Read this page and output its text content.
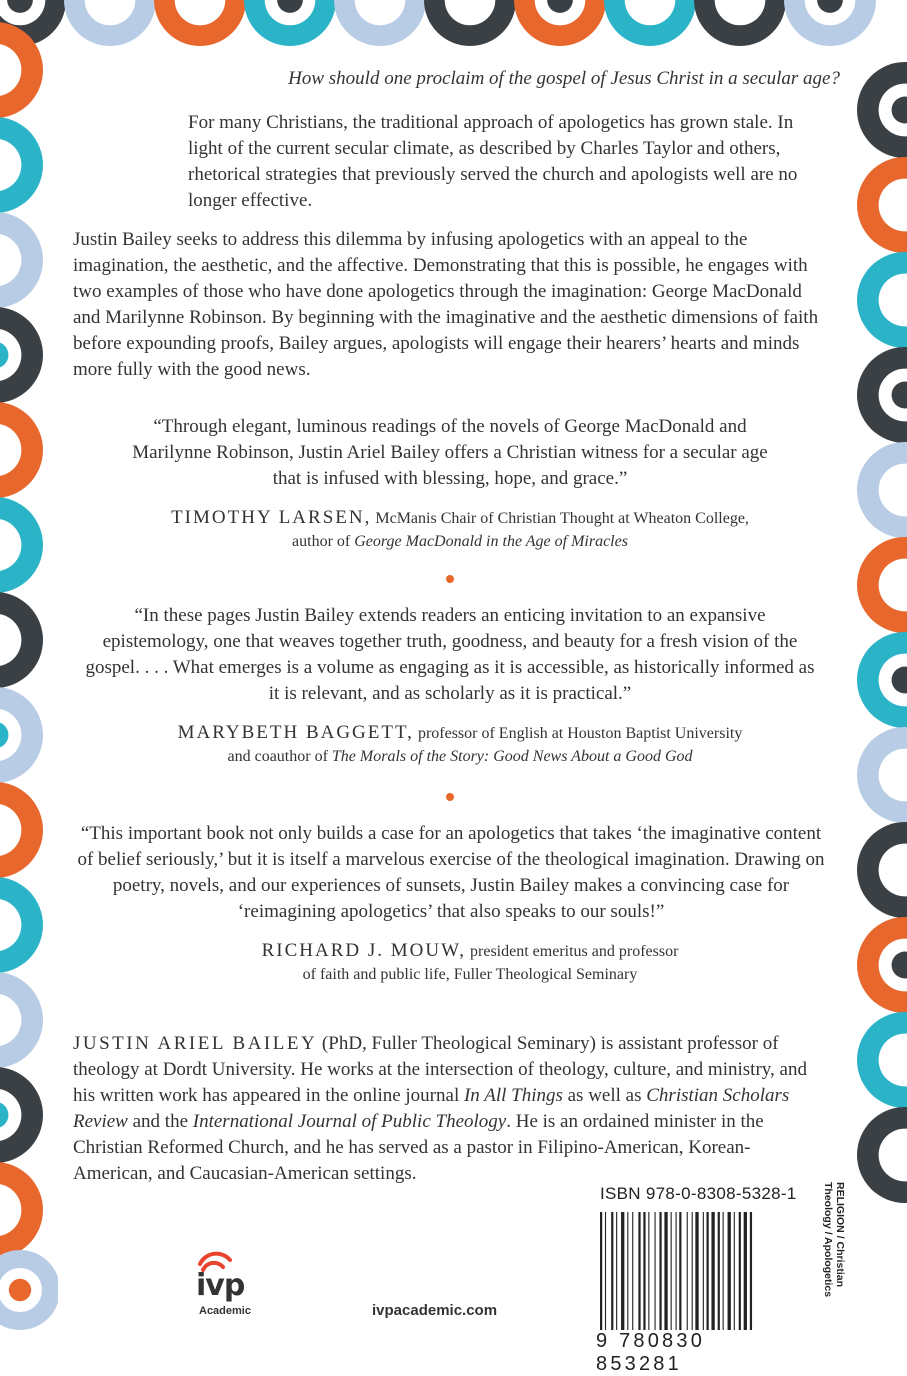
How should one proclaim of the gospel of Jesus Christ in a secular age?
For many Christians, the traditional approach of apologetics has grown stale. In light of the current secular climate, as described by Charles Taylor and others, rhetorical strategies that previously served the church and apologists well are no longer effective.
Justin Bailey seeks to address this dilemma by infusing apologetics with an appeal to the imagination, the aesthetic, and the affective. Demonstrating that this is possible, he engages with two examples of those who have done apologetics through the imagination: George MacDonald and Marilynne Robinson. By beginning with the imaginative and the aesthetic dimensions of faith before expounding proofs, Bailey argues, apologists will engage their hearers’ hearts and minds more fully with the good news.
“Through elegant, luminous readings of the novels of George MacDonald and Marilynne Robinson, Justin Ariel Bailey offers a Christian witness for a secular age that is infused with blessing, hope, and grace.”
TIMOTHY LARSEN, McManis Chair of Christian Thought at Wheaton College,
author of George MacDonald in the Age of Miracles
“In these pages Justin Bailey extends readers an enticing invitation to an expansive epistemology, one that weaves together truth, goodness, and beauty for a fresh vision of the gospel. . . . What emerges is a volume as engaging as it is accessible, as historically informed as it is relevant, and as scholarly as it is practical.”
MARYBETH BAGGETT, professor of English at Houston Baptist University
and coauthor of The Morals of the Story: Good News About a Good God
“This important book not only builds a case for an apologetics that takes ‘the imaginative content of belief seriously,’ but it is itself a marvelous exercise of the theological imagination. Drawing on poetry, novels, and our experiences of sunsets, Justin Bailey makes a convincing case for ‘reimagining apologetics’ that also speaks to our souls!”
RICHARD J. MOUW, president emeritus and professor
of faith and public life, Fuller Theological Seminary
JUSTIN ARIEL BAILEY (PhD, Fuller Theological Seminary) is assistant professor of theology at Dordt University. He works at the intersection of theology, culture, and ministry, and his written work has appeared in the online journal In All Things as well as Christian Scholars Review and the International Journal of Public Theology. He is an ordained minister in the Christian Reformed Church, and he has served as a pastor in Filipino-American, Korean-American, and Caucasian-American settings.
ISBN 978-0-8308-5328-1
9 780830 853281
RELIGION / Christian Theology / Apologetics
ivp
Academic	ivpacademic.com
